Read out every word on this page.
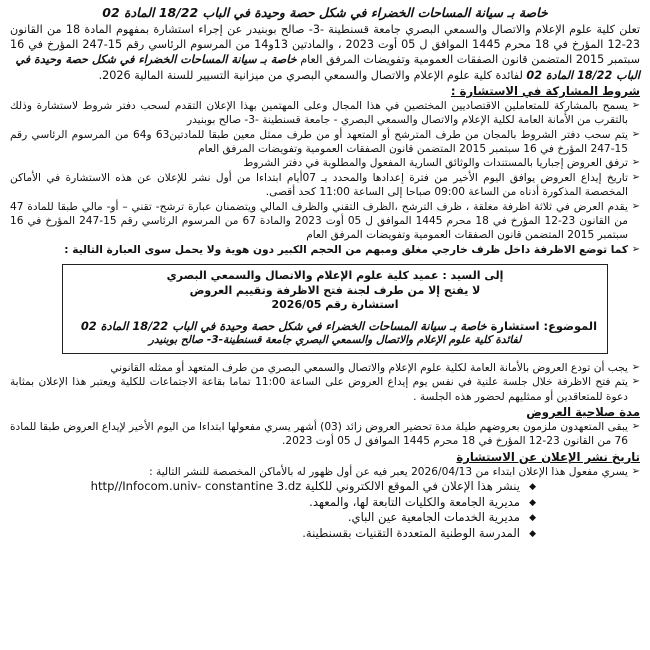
خاصة بـ سيانة المساحات الخضراء في شكل حصة وحيدة في الباب 18/22 المادة 02

تعلن كلية علوم الإعلام والاتصال والسمعي البصري جامعة قسنطينة -3- صالح بوبنيدر عن إجراء استشارة بمفهوم المادة 18 من القانون 23-12 المؤرخ في 18 محرم 1445 الموافق ل 05 أوت 2023 ، والمادتين 13و14 من المرسوم الرئاسي رقم 15-247 المؤرخ في 16 سبتمبر 2015 المتضمن قانون الصفقات العمومية وتفويضات المرفق العام خاصة بـ سيانة المساحات الخضراء في شكل حصة وحيدة في

الباب 18/22 المادة 02 لفائدة كلية علوم الإعلام والاتصال والسمعي البصري من ميزانية التسيير للسنة المالية 2026.

شروط المشاركة في الاستشارة :
➢
يسمح بالمشاركة للمتعاملين الاقتصاديين المختصين في هذا المجال وعلى المهتمين بهذا الإعلان التقدم لسحب دفتر شروط لاستشارة وذلك بالتقرب من الأمانة العامة لكلية الإعلام والاتصال والسمعي البصري - جامعة قسنطينة -3- صالح بوبنيدر
➢
يتم سحب دفتر الشروط بالمجان من طرف المترشح أو المتعهد أو من طرف ممثل معين طبقا للمادتين63 و64 من المرسوم الرئاسي رقم 15-247 المؤرخ في 16 سبتمبر 2015 المتضمن قانون الصفقات العمومية وتفويضات المرفق العام
➢
ترفق العروض إجباريا بالمستندات والوثائق السارية المفعول والمطلوبة في دفتر الشروط
➢
تاريخ إيداع العروض يوافق اليوم الأخير من فترة إعدادها والمحدد بـ 07أيام ابتداءا من أول نشر للإعلان عن هذه الاستشارة في الأماكن المخصصة المذكورة أدناه من الساعة 09:00 صباحا إلى الساعة 11:00 كحد أقصى.
➢
يقدم العرض في ثلاثة اظرفة مغلقة ، ظرف الترشح ،الظرف التقني والظرف المالي ويتضمنان عبارة ترشح- تقني – أو- مالي طبقا للمادة 47 من القانون 23-12 المؤرخ في 18 محرم 1445 الموافق ل 05 أوت 2023 والمادة 67 من المرسوم الرئاسي رقم 15-247 المؤرخ في 16 سبتمبر 2015 المتضمن قانون الصفقات العمومية وتفويضات المرفق العام
➢
كما توضع الاظرفة داخل ظرف خارجي مغلق ومبهم من الحجم الكبير دون هوية ولا يحمل سوى العبارة التالية :
إلى السيد : عميد كلية علوم الإعلام والاتصال والسمعي البصري
لا يفتح إلا من طرف لجنة فتح الاظرفة وتقييم العروض
استشارة رقم 2026/05
الموضوع: استشارة خاصة بـ سيانة المساحات الخضراء في شكل حصة وحيدة في الباب 18/22 المادة 02
لفائدة كلية علوم الإعلام والاتصال والسمعي البصري جامعة قسنطينة-3- صالح بوبنيدر
➢
يجب أن تودع العروض بالأمانة العامة لكلية علوم الإعلام والاتصال والسمعي البصري من طرف المتعهد أو ممثله القانوني
➢
يتم فتح الاظرفة خلال جلسة علنية في نفس يوم إيداع العروض على الساعة 11:00 تماما بقاعة الاجتماعات للكلية ويعتبر هذا الإعلان بمثابة دعوة للمتعاقدين أو ممثليهم لحضور هذه الجلسة .
مدة صلاحية العروض
➢
يبقى المتعهدون ملزمون بعروضهم طيلة مدة تحضير العروض زائد (03) أشهر يسري مفعولها ابتداءا من اليوم الأخير لإيداع العروض طبقا للمادة 76 من القانون 23-12 المؤرخ في 18 محرم 1445 الموافق ل 05 أوت 2023.
تاريخ نشر الإعلان عن الاستشارة
➢
يسري مفعول هذا الإعلان ابتداء من 2026/04/13 يعبر فيه عن أول ظهور له بالأماكن المخصصة للنشر التالية :
◆
ينشر هذا الإعلان في الموقع الالكتروني للكلية http//Infocom.univ- constantine 3.dz
◆
مديرية الجامعة والكليات التابعة لها، والمعهد.
◆
مديرية الخدمات الجامعية عين الباي.
◆
المدرسة الوطنية المتعددة التقنيات بقسنطينة.
